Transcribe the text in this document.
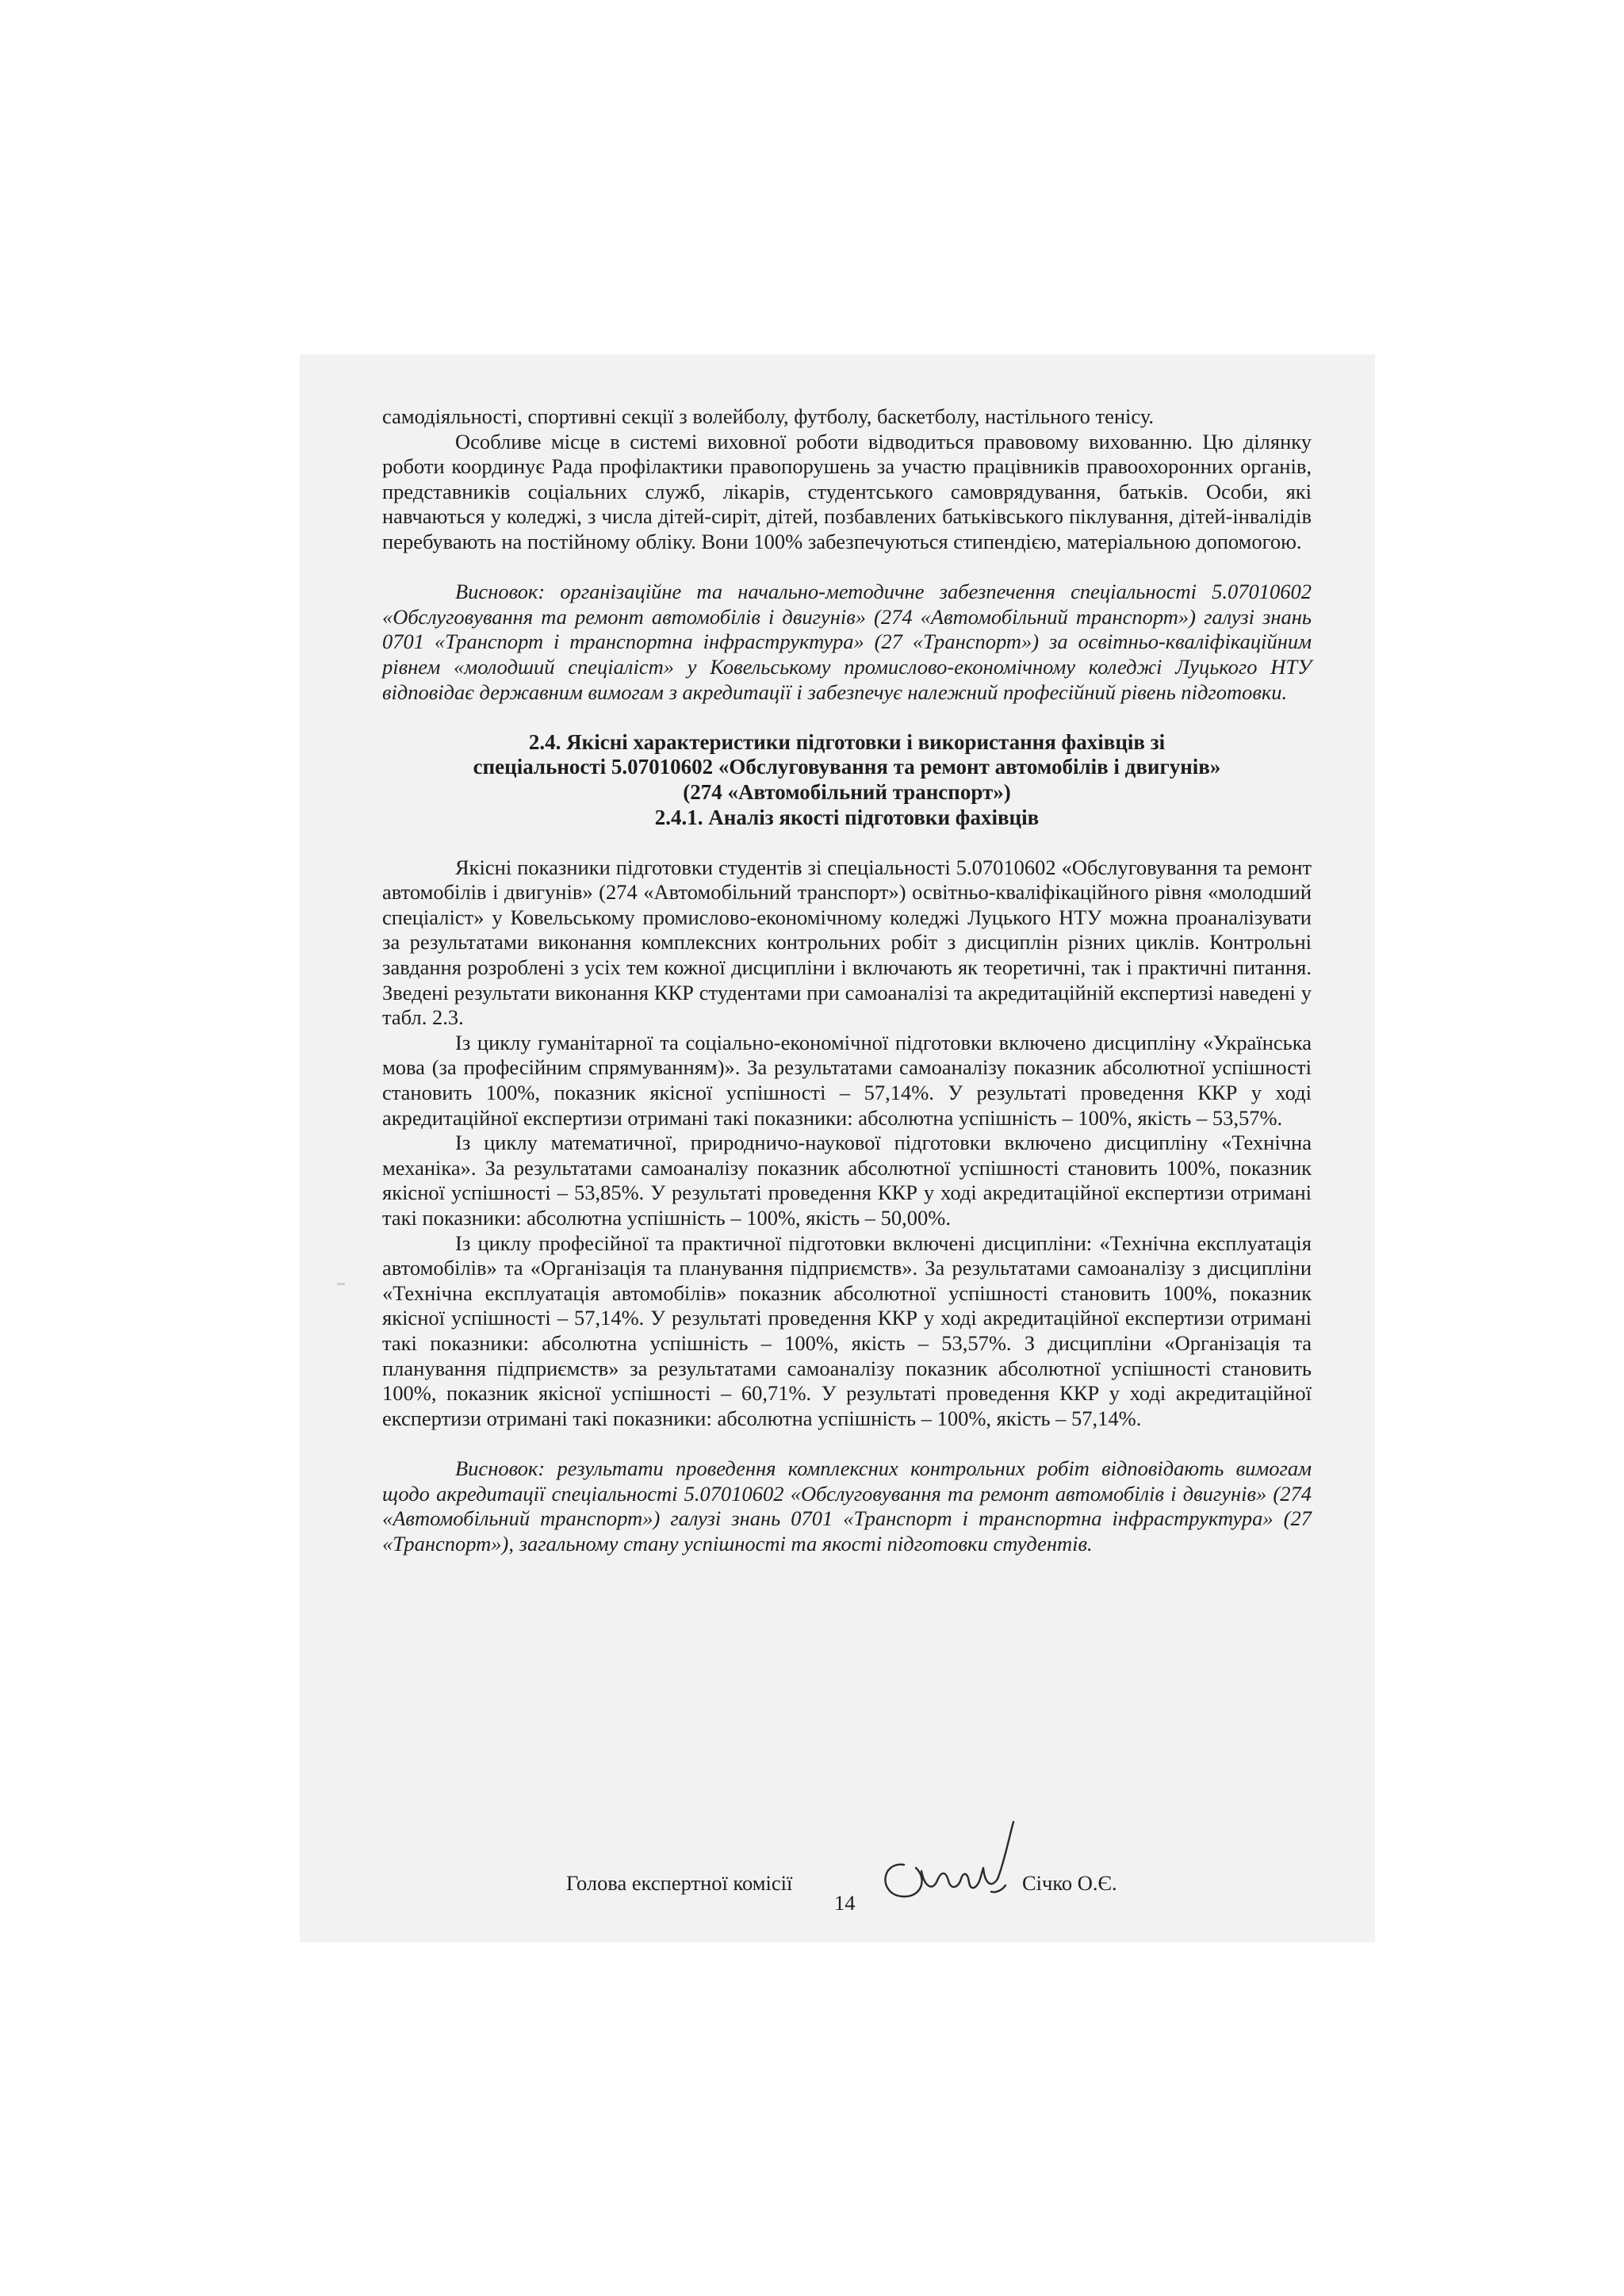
самодіяльності, спортивні секції з волейболу, футболу, баскетболу, настільного тенісу.

Особливе місце в системі виховної роботи відводиться правовому вихованню. Цю ділянку роботи координує Рада профілактики правопорушень за участю працівників правоохоронних органів, представників соціальних служб, лікарів, студентського самоврядування, батьків. Особи, які навчаються у коледжі, з числа дітей-сиріт, дітей, позбавлених батьківського піклування, дітей-інвалідів перебувають на постійному обліку. Вони 100% забезпечуються стипендією, матеріальною допомогою.

Висновок: організаційне та начально-методичне забезпечення спеціальності 5.07010602 «Обслуговування та ремонт автомобілів і двигунів» (274 «Автомобільний транспорт») галузі знань 0701 «Транспорт і транспортна інфраструктура» (27 «Транспорт») за освітньо-кваліфікаційним рівнем «молодший спеціаліст» у Ковельському промислово-економічному коледжі Луцького НТУ відповідає державним вимогам з акредитації і забезпечує належний професійний рівень підготовки.

2.4. Якісні характеристики підготовки і використання фахівців зі
спеціальності 5.07010602 «Обслуговування та ремонт автомобілів і двигунів»
(274 «Автомобільний транспорт»)
2.4.1. Аналіз якості підготовки фахівців

Якісні показники підготовки студентів зі спеціальності 5.07010602 «Обслуговування та ремонт автомобілів і двигунів» (274 «Автомобільний транспорт») освітньо-кваліфікаційного рівня «молодший спеціаліст» у Ковельському промислово-економічному коледжі Луцького НТУ можна проаналізувати за результатами виконання комплексних контрольних робіт з дисциплін різних циклів. Контрольні завдання розроблені з усіх тем кожної дисципліни і включають як теоретичні, так і практичні питання. Зведені результати виконання ККР студентами при самоаналізі та акредитаційній експертизі наведені у табл. 2.3.

Із циклу гуманітарної та соціально-економічної підготовки включено дисципліну «Українська мова (за професійним спрямуванням)». За результатами самоаналізу показник абсолютної успішності становить 100%, показник якісної успішності – 57,14%. У результаті проведення ККР у ході акредитаційної експертизи отримані такі показники: абсолютна успішність – 100%, якість – 53,57%.

Із циклу математичної, природничо-наукової підготовки включено дисципліну «Технічна механіка». За результатами самоаналізу показник абсолютної успішності становить 100%, показник якісної успішності – 53,85%. У результаті проведення ККР у ході акредитаційної експертизи отримані такі показники: абсолютна успішність – 100%, якість – 50,00%.

Із циклу професійної та практичної підготовки включені дисципліни: «Технічна експлуатація автомобілів» та «Організація та планування підприємств». За результатами самоаналізу з дисципліни «Технічна експлуатація автомобілів» показник абсолютної успішності становить 100%, показник якісної успішності – 57,14%. У результаті проведення ККР у ході акредитаційної експертизи отримані такі показники: абсолютна успішність – 100%, якість – 53,57%. З дисципліни «Організація та планування підприємств» за результатами самоаналізу показник абсолютної успішності становить 100%, показник якісної успішності – 60,71%. У результаті проведення ККР у ході акредитаційної експертизи отримані такі показники: абсолютна успішність – 100%, якість – 57,14%.

Висновок: результати проведення комплексних контрольних робіт відповідають вимогам щодо акредитації спеціальності 5.07010602 «Обслуговування та ремонт автомобілів і двигунів» (274 «Автомобільний транспорт») галузі знань 0701 «Транспорт і транспортна інфраструктура» (27 «Транспорт»), загальному стану успішності та якості підготовки студентів.

Голова експертної комісії	Січко О.Є.
14
